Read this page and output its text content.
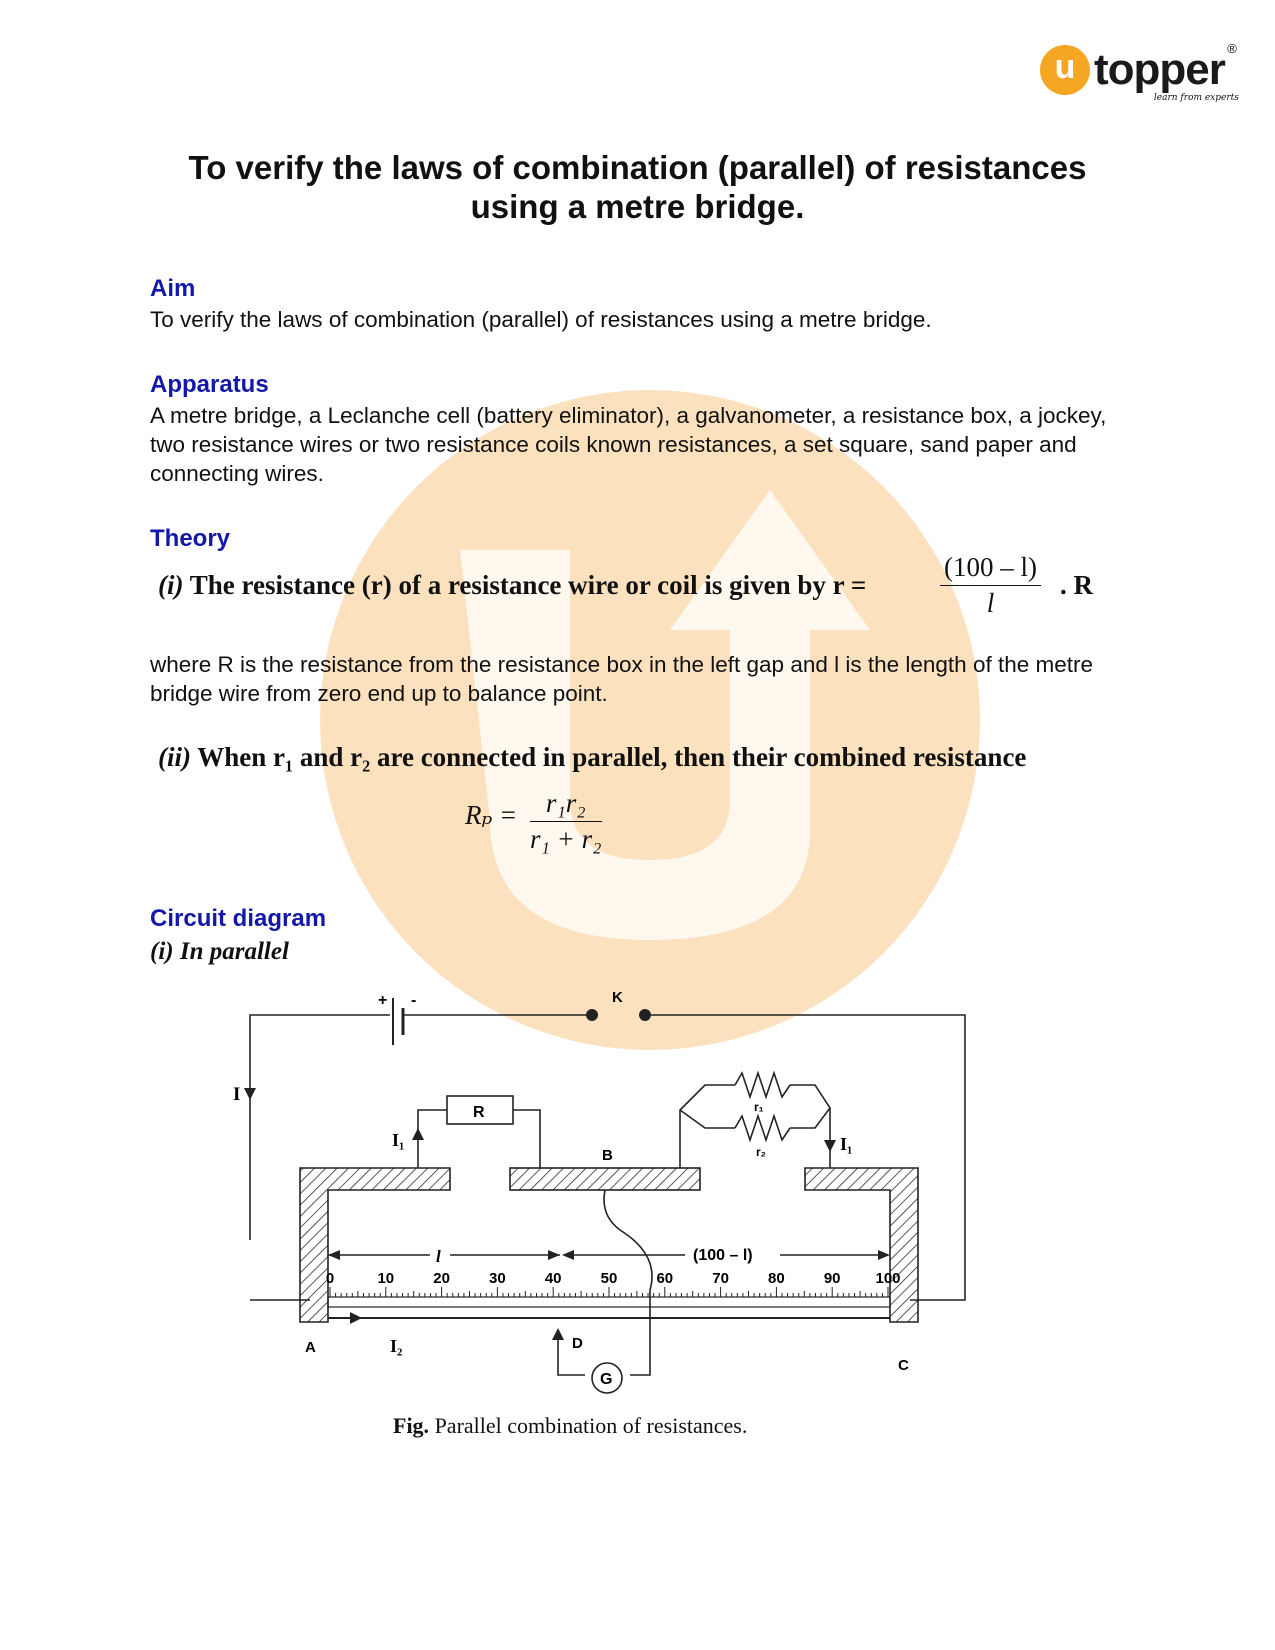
u topper ®
learn from experts
To verify the laws of combination (parallel) of resistances using a metre bridge.
Aim
To verify the laws of combination (parallel) of resistances using a metre bridge.
Apparatus
A metre bridge, a Leclanche cell (battery eliminator), a galvanometer, a resistance box, a jockey, two resistance wires or two resistance coils known resistances, a set square, sand paper and connecting wires.
Theory
(i) The resistance (r) of a resistance wire or coil is given by r =	$\frac{(100 - l)}{l}$ . R
where R is the resistance from the resistance box in the left gap and l is the length of the metre bridge wire from zero end up to balance point.
(ii) When r₁ and r₂ are connected in parallel, then their combined resistance
$R_p = \frac{\text{r₁r₂}}{\text{r₁ + r₂}}$
Circuit diagram
(i) In parallel
+ -	K
I
R
I₁
r₁
r₂	I₁
B
l	(100 – l)
0	10	20	30	40	50	60	70	80	90 100
A
C
I₂	D
G
Fig. Parallel combination of resistances.
